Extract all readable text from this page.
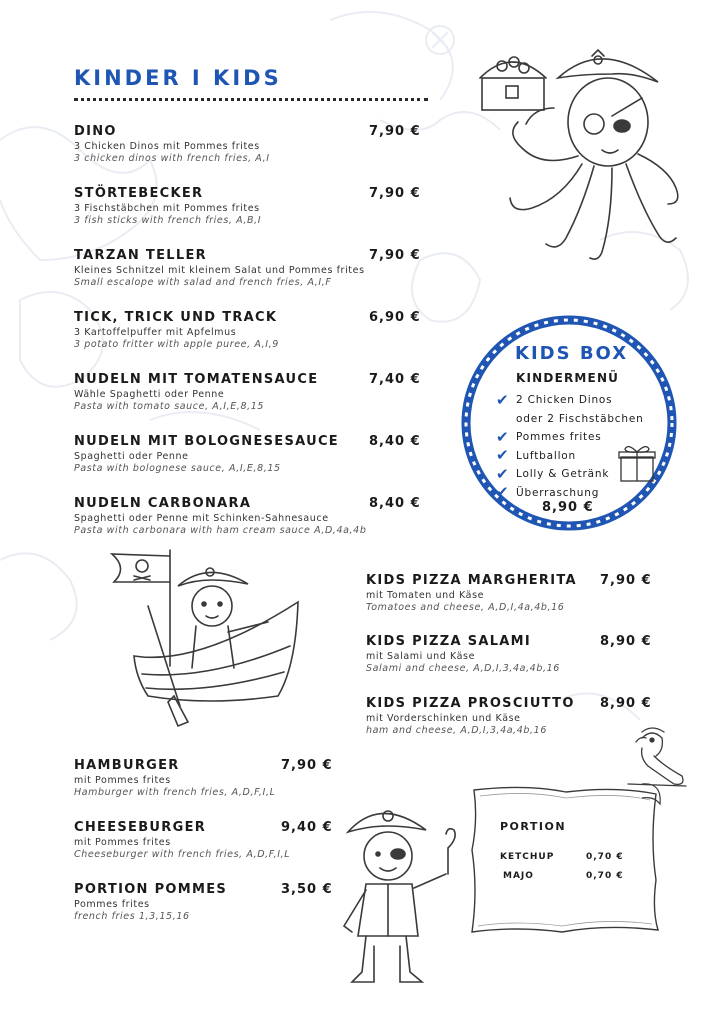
KINDER I KIDS
DINO	7,90 €
3 Chicken Dinos mit Pommes frites
3 chicken dinos with french fries, A,I
STÖRTEBECKER	7,90 €
3 Fischstäbchen mit Pommes frites
3 fish sticks with french fries, A,B,I
TARZAN TELLER	7,90 €
Kleines Schnitzel mit kleinem Salat und Pommes frites
Small escalope with salad and french fries, A,I,F
TICK, TRICK UND TRACK	6,90 €
3 Kartoffelpuffer mit Apfelmus
3 potato fritter with apple puree, A,I,9
NUDELN MIT TOMATENSAUCE	7,40 €
Wähle Spaghetti oder Penne
Pasta with tomato sauce, A,I,E,8,15
NUDELN MIT BOLOGNESESAUCE 8,40 €
Spaghetti oder Penne
Pasta with bolognese sauce, A,I,E,8,15
NUDELN CARBONARA	8,40 €
Spaghetti oder Penne mit Schinken-Sahnesauce
Pasta with carbonara with ham cream sauce A,D,4a,4b
KIDS PIZZA MARGHERITA 7,90 €
mit Tomaten und Käse
Tomatoes and cheese, A,D,I,4a,4b,16
KIDS PIZZA SALAMI	8,90 €
mit Salami und Käse
Salami and cheese, A,D,I,3,4a,4b,16
KIDS PIZZA PROSCIUTTO 8,90 €
mit Vorderschinken und Käse
ham and cheese, A,D,I,3,4a,4b,16
HAMBURGER	7,90 €
mit Pommes frites
Hamburger with french fries, A,D,F,I,L
CHEESEBURGER	9,40 €
mit Pommes frites
Cheeseburger with french fries, A,D,F,I,L
PORTION POMMES	3,50 €
Pommes frites
french fries 1,3,15,16
KIDS BOX
KINDERMENÜ
✔ 2 Chicken Dinos
oder 2 Fischstäbchen
✔ Pommes frites
✔ Luftballon
✔ Lolly & Getränk
✔ Überraschung
8,90 €
PORTION
KETCHUP	0,70 €
MAJO	0,70 €
